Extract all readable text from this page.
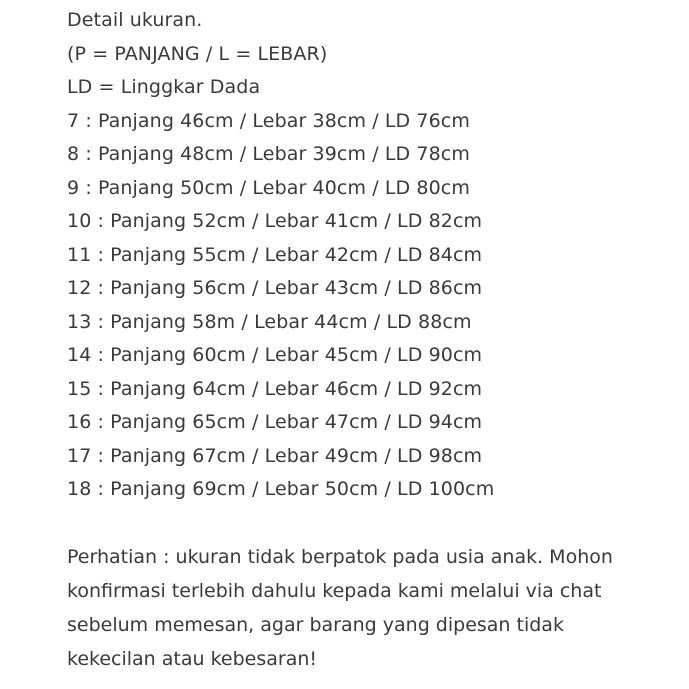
Detail ukuran.
(P = PANJANG / L = LEBAR)
LD = Linggkar Dada
7 : Panjang 46cm / Lebar 38cm / LD 76cm
8 : Panjang 48cm / Lebar 39cm / LD 78cm
9 : Panjang 50cm / Lebar 40cm / LD 80cm
10 : Panjang 52cm / Lebar 41cm / LD 82cm
11 : Panjang 55cm / Lebar 42cm / LD 84cm
12 : Panjang 56cm / Lebar 43cm / LD 86cm
13 : Panjang 58m / Lebar 44cm / LD 88cm
14 : Panjang 60cm / Lebar 45cm / LD 90cm
15 : Panjang 64cm / Lebar 46cm / LD 92cm
16 : Panjang 65cm / Lebar 47cm / LD 94cm
17 : Panjang 67cm / Lebar 49cm / LD 98cm
18 : Panjang 69cm / Lebar 50cm / LD 100cm
Perhatian : ukuran tidak berpatok pada usia anak. Mohon
konfirmasi terlebih dahulu kepada kami melalui via chat
sebelum memesan, agar barang yang dipesan tidak
kekecilan atau kebesaran!
